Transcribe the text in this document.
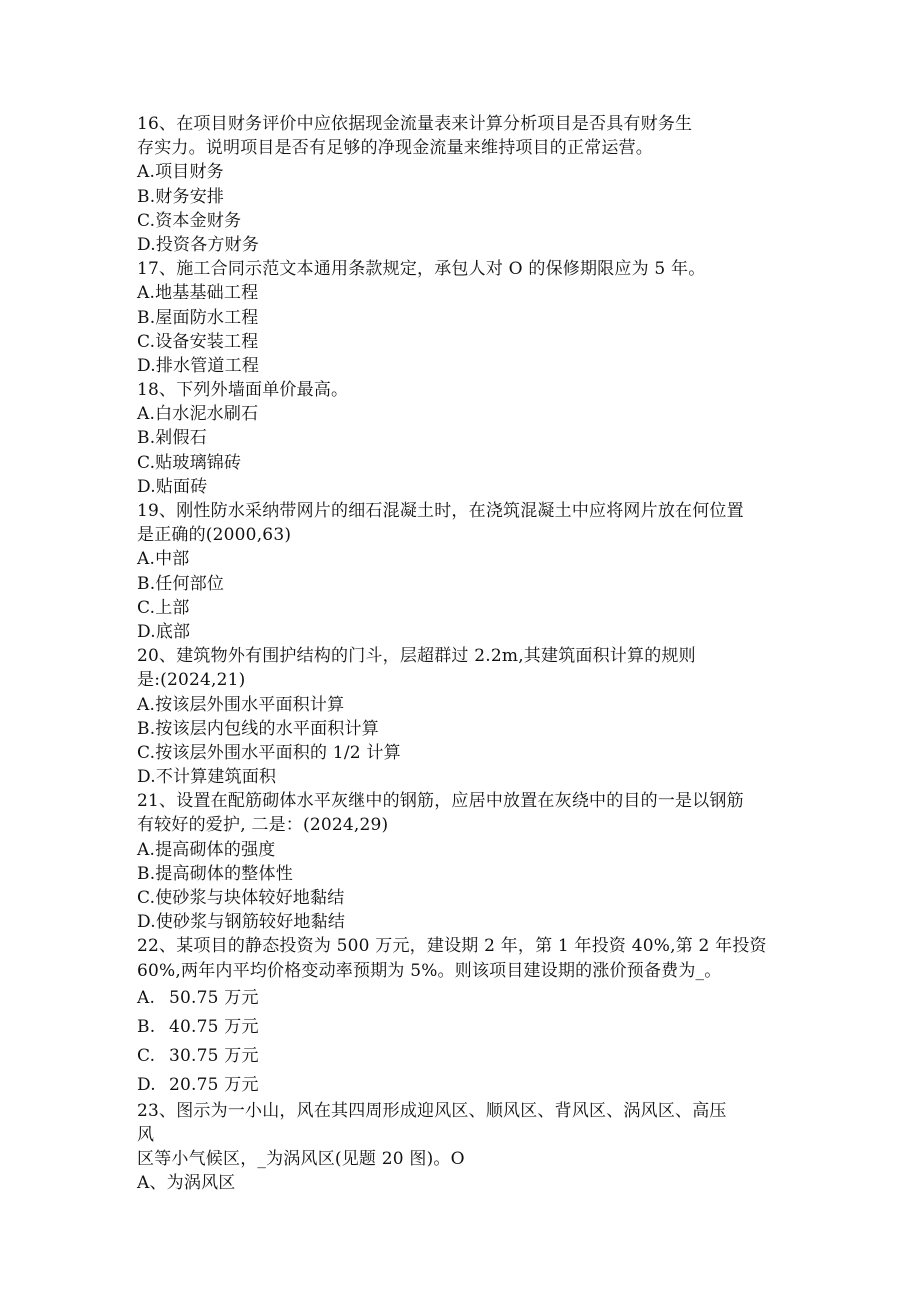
16、在项目财务评价中应依据现金流量表来计算分析项目是否具有财务生
存实力。说明项目是否有足够的净现金流量来维持项目的正常运营。
A.项目财务
B.财务安排
C.资本金财务
D.投资各方财务
17、施工合同示范文本通用条款规定，承包人对 O 的保修期限应为 5 年。
A.地基基础工程
B.屋面防水工程
C.设备安装工程
D.排水管道工程
18、下列外墙面单价最高。
A.白水泥水刷石
B.剁假石
C.贴玻璃锦砖
D.贴面砖
19、刚性防水采纳带网片的细石混凝土时，在浇筑混凝土中应将网片放在何位置
是正确的(2000,63)
A.中部
B.任何部位
C.上部
D.底部
20、建筑物外有围护结构的门斗，层超群过 2.2m,其建筑面积计算的规则
是:(2024,21)
A.按该层外围水平面积计算
B.按该层内包线的水平面积计算
C.按该层外围水平面积的 1/2 计算
D.不计算建筑面积
21、设置在配筋砌体水平灰继中的钢筋，应居中放置在灰绕中的目的一是以钢筋
有较好的爱护, 二是：(2024,29)
A.提高砌体的强度
B.提高砌体的整体性
C.使砂浆与块体较好地黏结
D.使砂浆与钢筋较好地黏结
22、某项目的静态投资为 500 万元，建设期 2 年，第 1 年投资 40%,第 2 年投资
60%,两年内平均价格变动率预期为 5%。则该项目建设期的涨价预备费为_。
A. 50.75 万元
B. 40.75 万元
C. 30.75 万元
D. 20.75 万元
23、图示为一小山，风在其四周形成迎风区、顺风区、背风区、涡风区、高压
风
区等小气候区，_为涡风区(见题 20 图)。O
A、为涡风区
